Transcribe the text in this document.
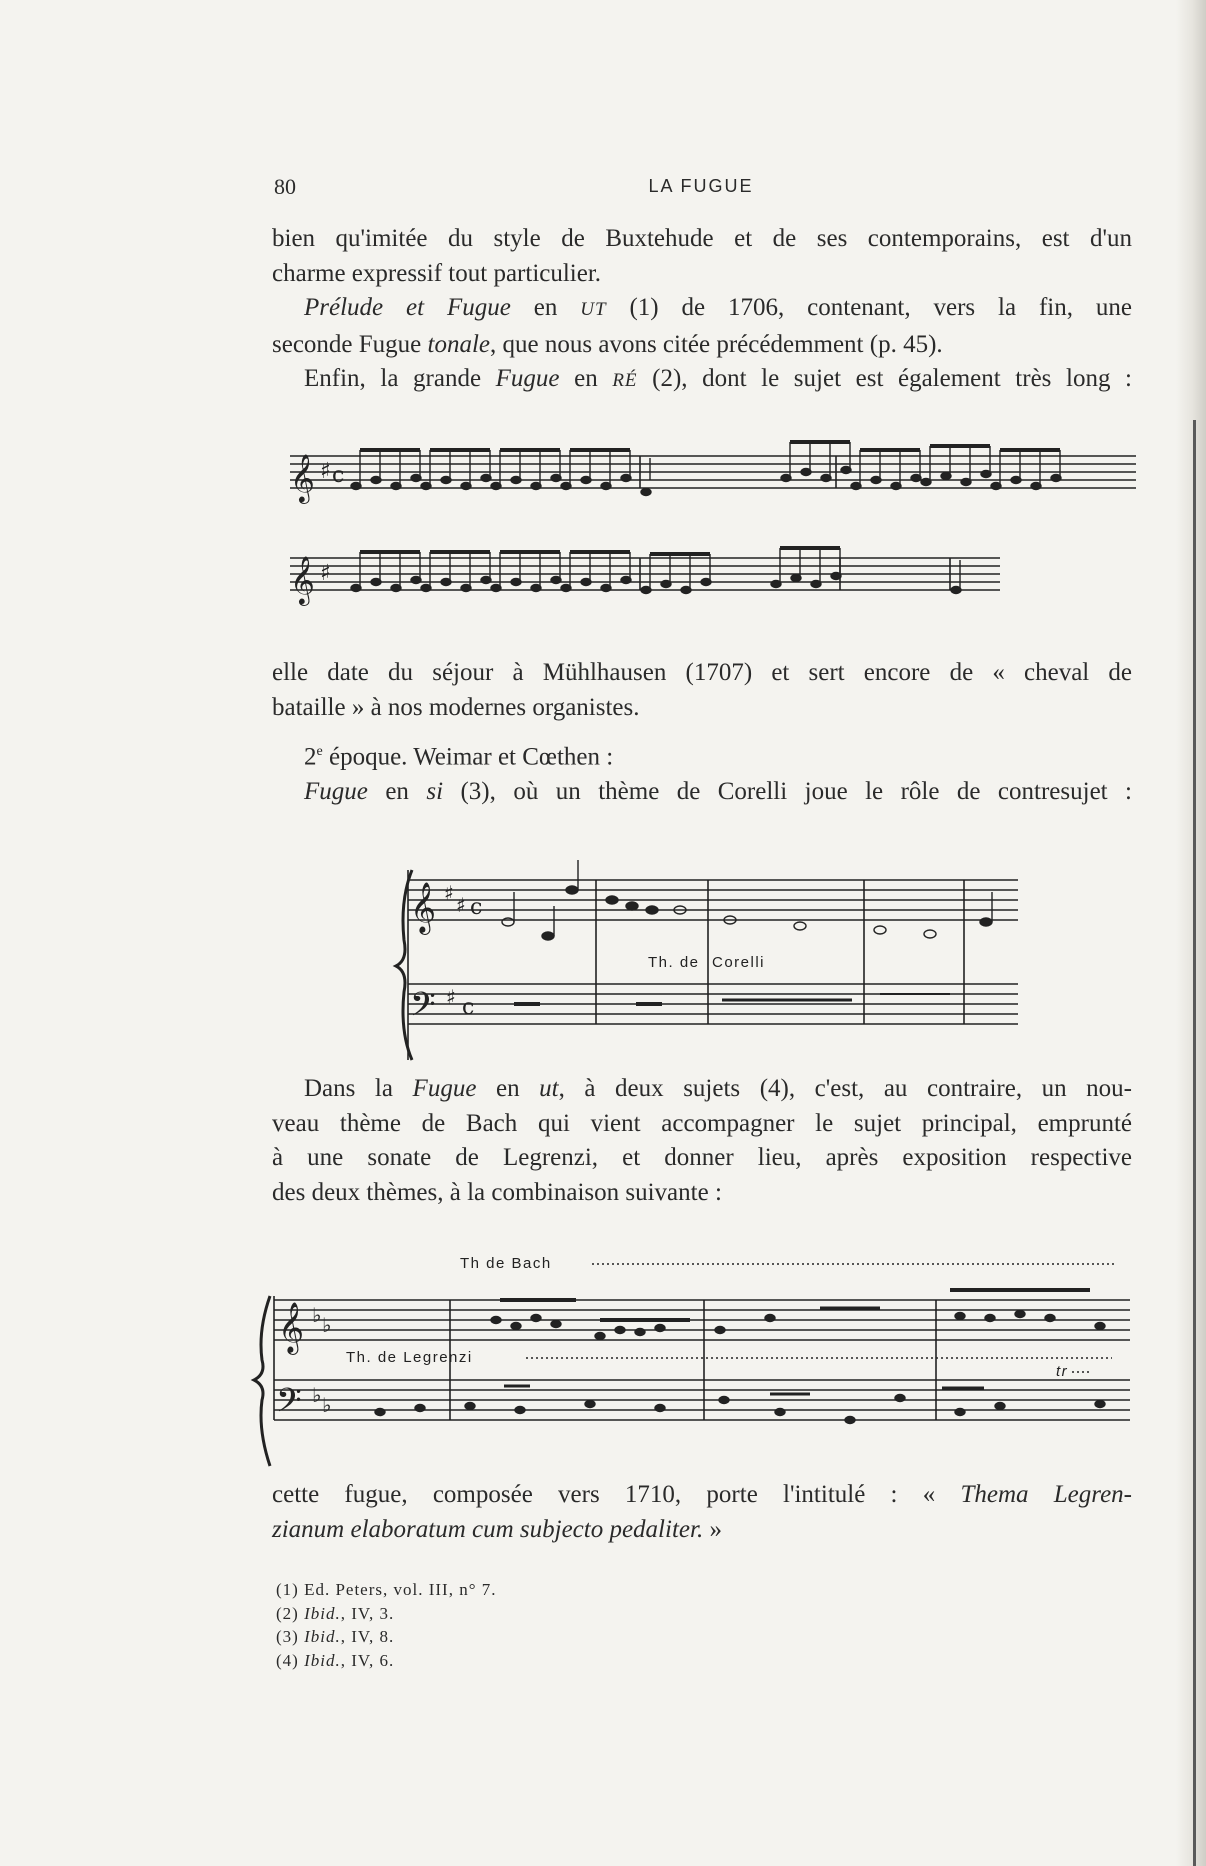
80	LA FUGUE

bien qu'imitée du style de Buxtehude et de ses contemporains, est d'un

charme expressif tout particulier.

Prélude et Fugue en UT (1) de 1706, contenant, vers la fin, une

seconde Fugue tonale, que nous avons citée précédemment (p. 45).

Enfin, la grande Fugue en RÉ (2), dont le sujet est également très long :

𝄞 ♯ c
𝄞 ♯

elle date du séjour à Mühlhausen (1707) et sert encore de « cheval de

bataille » à nos modernes organistes.

2e époque. Weimar et Cœthen :

Fugue en si (3), où un thème de Corelli joue le rôle de contresujet :

𝄞 ♯ ♯ c
𝄢 ♯ c
Th. de Corelli

Dans la Fugue en ut, à deux sujets (4), c'est, au contraire, un nou-

veau thème de Bach qui vient accompagner le sujet principal, emprunté

à une sonate de Legrenzi, et donner lieu, après exposition respective

des deux thèmes, à la combinaison suivante :

Th de Bach
Th. de Legrenzi
tr
𝄞 ♭ ♭
𝄢 ♭ ♭

cette fugue, composée vers 1710, porte l'intitulé : « Thema Legren-

zianum elaboratum cum subjecto pedaliter. »

(1) Ed. Peters, vol. III, n° 7.
(2) Ibid., IV, 3.
(3) Ibid., IV, 8.
(4) Ibid., IV, 6.
